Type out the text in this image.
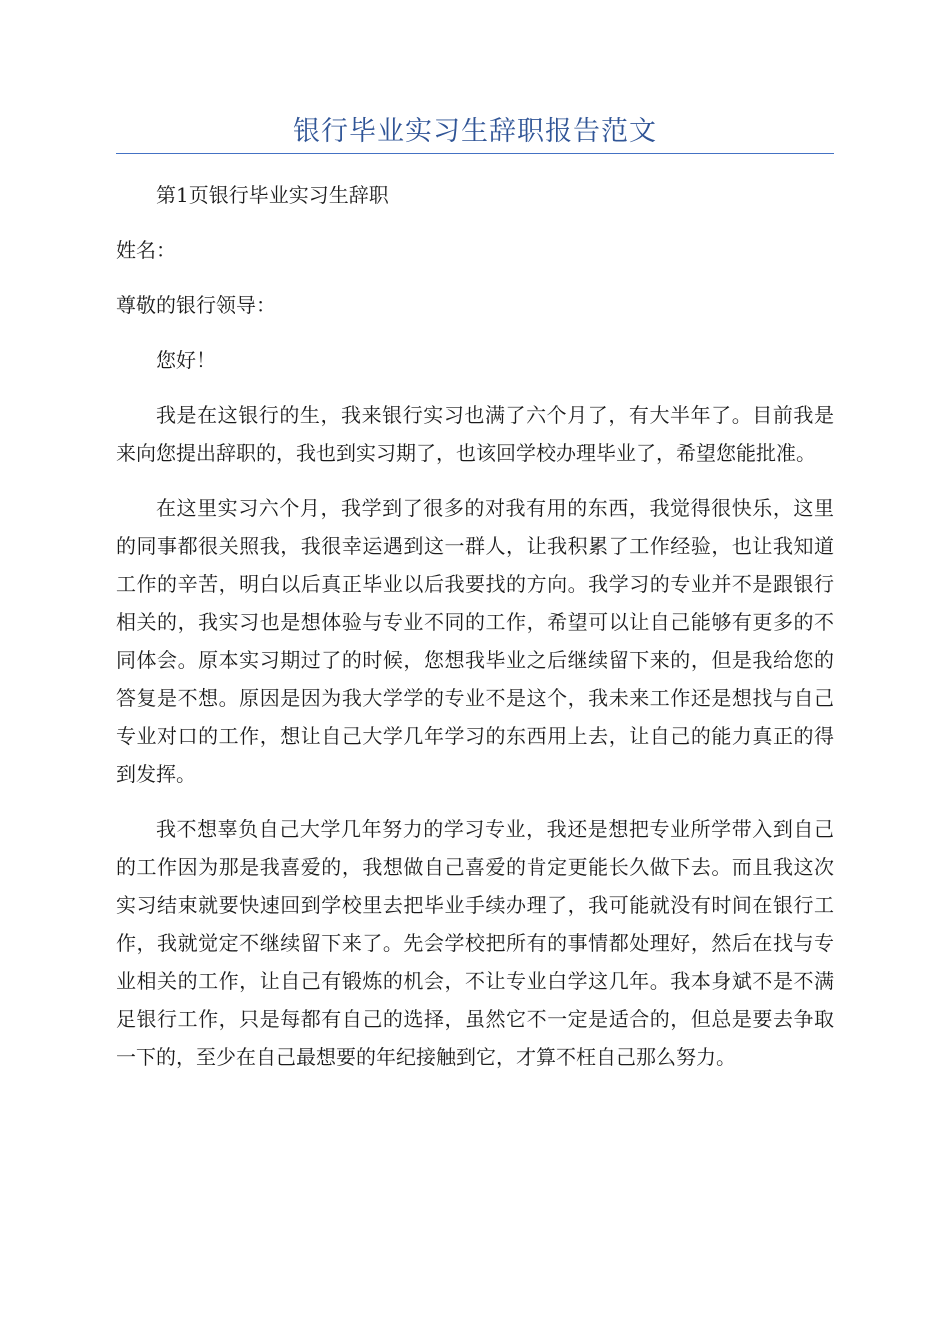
银行毕业实习生辞职报告范文

第1页银行毕业实习生辞职

姓名：

尊敬的银行领导：

您好！

我是在这银行的生，我来银行实习也满了六个月了，有大半年了。目前我是来向您提出辞职的，我也到实习期了，也该回学校办理毕业了，希望您能批准。

在这里实习六个月，我学到了很多的对我有用的东西，我觉得很快乐，这里的同事都很关照我，我很幸运遇到这一群人，让我积累了工作经验，也让我知道工作的辛苦，明白以后真正毕业以后我要找的方向。我学习的专业并不是跟银行相关的，我实习也是想体验与专业不同的工作，希望可以让自己能够有更多的不同体会。原本实习期过了的时候，您想我毕业之后继续留下来的，但是我给您的答复是不想。原因是因为我大学学的专业不是这个，我未来工作还是想找与自己专业对口的工作，想让自己大学几年学习的东西用上去，让自己的能力真正的得到发挥。

我不想辜负自己大学几年努力的学习专业，我还是想把专业所学带入到自己的工作因为那是我喜爱的，我想做自己喜爱的肯定更能长久做下去。而且我这次实习结束就要快速回到学校里去把毕业手续办理了，我可能就没有时间在银行工作，我就觉定不继续留下来了。先会学校把所有的事情都处理好，然后在找与专业相关的工作，让自己有锻炼的机会，不让专业白学这几年。我本身斌不是不满足银行工作，只是每都有自己的选择，虽然它不一定是适合的，但总是要去争取一下的，至少在自己最想要的年纪接触到它，才算不枉自己那么努力。
